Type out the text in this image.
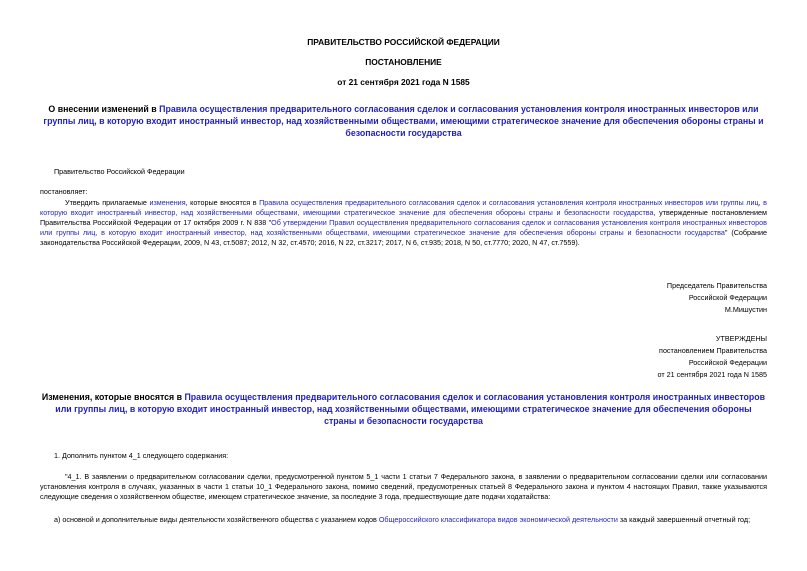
ПРАВИТЕЛЬСТВО РОССИЙСКОЙ ФЕДЕРАЦИИ
ПОСТАНОВЛЕНИЕ
от 21 сентября 2021 года N 1585
О внесении изменений в Правила осуществления предварительного согласования сделок и согласования установления контроля иностранных инвесторов или группы лиц, в которую входит иностранный инвестор, над хозяйственными обществами, имеющими стратегическое значение для обеспечения обороны страны и безопасности государства
Правительство Российской Федерации
постановляет:
Утвердить прилагаемые изменения, которые вносятся в Правила осуществления предварительного согласования сделок и согласования установления контроля иностранных инвесторов или группы лиц, в которую входит иностранный инвестор, над хозяйственными обществами, имеющими стратегическое значение для обеспечения обороны страны и безопасности государства, утвержденные постановлением Правительства Российской Федерации от 17 октября 2009 г. N 838 "Об утверждении Правил осуществления предварительного согласования сделок и согласования установления контроля иностранных инвесторов или группы лиц, в которую входит иностранный инвестор, над хозяйственными обществами, имеющими стратегическое значение для обеспечения обороны страны и безопасности государства" (Собрание законодательства Российской Федерации, 2009, N 43, ст.5087; 2012, N 32, ст.4570; 2016, N 22, ст.3217; 2017, N 6, ст.935; 2018, N 50, ст.7770; 2020, N 47, ст.7559).
Председатель Правительства
Российской Федерации
М.Мишустин
УТВЕРЖДЕНЫ
постановлением Правительства
Российской Федерации
от 21 сентября 2021 года N 1585
Изменения, которые вносятся в Правила осуществления предварительного согласования сделок и согласования установления контроля иностранных инвесторов или группы лиц, в которую входит иностранный инвестор, над хозяйственными обществами, имеющими стратегическое значение для обеспечения обороны страны и безопасности государства
1. Дополнить пунктом 4_1 следующего содержания:
"4_1. В заявлении о предварительном согласовании сделки, предусмотренной пунктом 5_1 части 1 статьи 7 Федерального закона, в заявлении о предварительном согласовании сделки или согласовании установления контроля в случаях, указанных в части 1 статьи 10_1 Федерального закона, помимо сведений, предусмотренных статьей 8 Федерального закона и пунктом 4 настоящих Правил, также указываются следующие сведения о хозяйственном обществе, имеющем стратегическое значение, за последние 3 года, предшествующие дате подачи ходатайства:
а) основной и дополнительные виды деятельности хозяйственного общества с указанием кодов Общероссийского классификатора видов экономической деятельности за каждый завершенный отчетный год;
